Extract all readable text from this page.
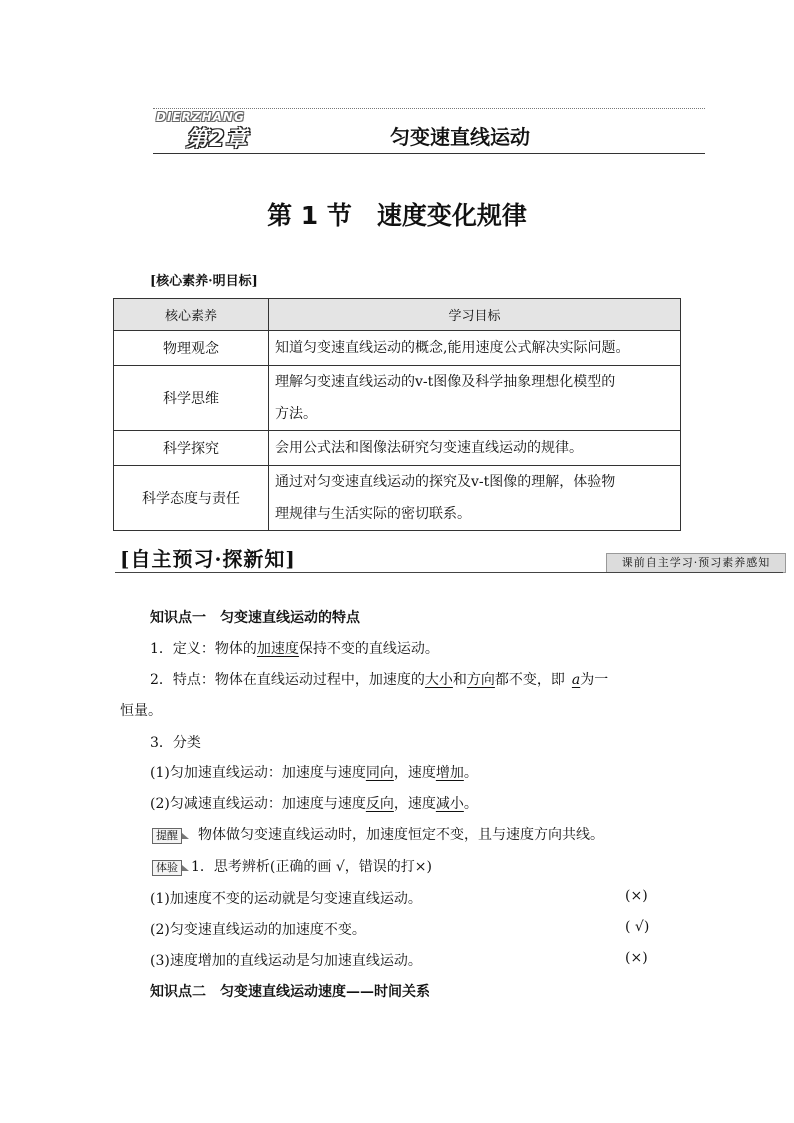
DIERZHANG
第2章	匀变速直线运动
第 1 节　速度变化规律
[核心素养·明目标]
核心素养	学习目标
物理观念	知道匀变速直线运动的概念,能用速度公式解决实际问题。
科学思维	理解匀变速直线运动的v-t图像及科学抽象理想化模型的
方法。
科学探究	会用公式法和图像法研究匀变速直线运动的规律。
科学态度与责任	通过对匀变速直线运动的探究及v-t图像的理解，体验物
理规律与生活实际的密切联系。
[自主预习·探新知]	课前自主学习·预习素养感知
知识点一　匀变速直线运动的特点
1．定义：物体的加速度保持不变的直线运动。
2．特点：物体在直线运动过程中，加速度的大小和方向都不变，即  a为一
恒量。
3．分类
(1)匀加速直线运动：加速度与速度同向，速度增加。
(2)匀减速直线运动：加速度与速度反向，速度减小。
提醒  物体做匀变速直线运动时，加速度恒定不变，且与速度方向共线。
体验  1．思考辨析(正确的画 √，错误的打×)
(1)加速度不变的运动就是匀变速直线运动。	(×)
(2)匀变速直线运动的加速度不变。	( √)
(3)速度增加的直线运动是匀加速直线运动。	(×)
知识点二　匀变速直线运动速度——时间关系
